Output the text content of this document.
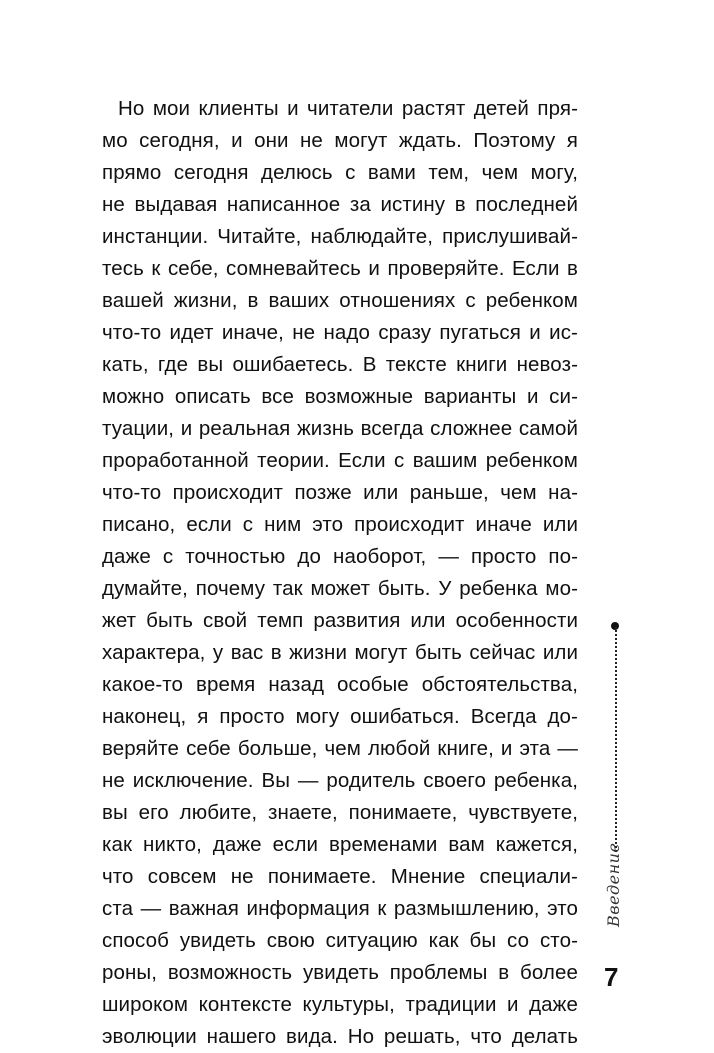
Но мои клиенты и читатели растят детей пря-
мо сегодня, и они не могут ждать. Поэтому я
прямо сегодня делюсь с вами тем, чем могу,
не выдавая написанное за истину в последней
инстанции. Читайте, наблюдайте, прислушивай-
тесь к себе, сомневайтесь и проверяйте. Если в
вашей жизни, в ваших отношениях с ребенком
что-то идет иначе, не надо сразу пугаться и ис-
кать, где вы ошибаетесь. В тексте книги невоз-
можно описать все возможные варианты и си-
туации, и реальная жизнь всегда сложнее самой
проработанной теории. Если с вашим ребенком
что-то происходит позже или раньше, чем на-
писано, если с ним это происходит иначе или
даже с точностью до наоборот, — просто по-
думайте, почему так может быть. У ребенка мо-
жет быть свой темп развития или особенности
характера, у вас в жизни могут быть сейчас или
какое-то время назад особые обстоятельства,
наконец, я просто могу ошибаться. Всегда до-
веряйте себе больше, чем любой книге, и эта —
не исключение. Вы — родитель своего ребенка,
вы его любите, знаете, понимаете, чувствуете,
как никто, даже если временами вам кажется,
что совсем не понимаете. Мнение специали-
ста — важная информация к размышлению, это
способ увидеть свою ситуацию как бы со сто-
роны, возможность увидеть проблемы в более
широком контексте культуры, традиции и даже
эволюции нашего вида. Но решать, что делать
Введение
7
